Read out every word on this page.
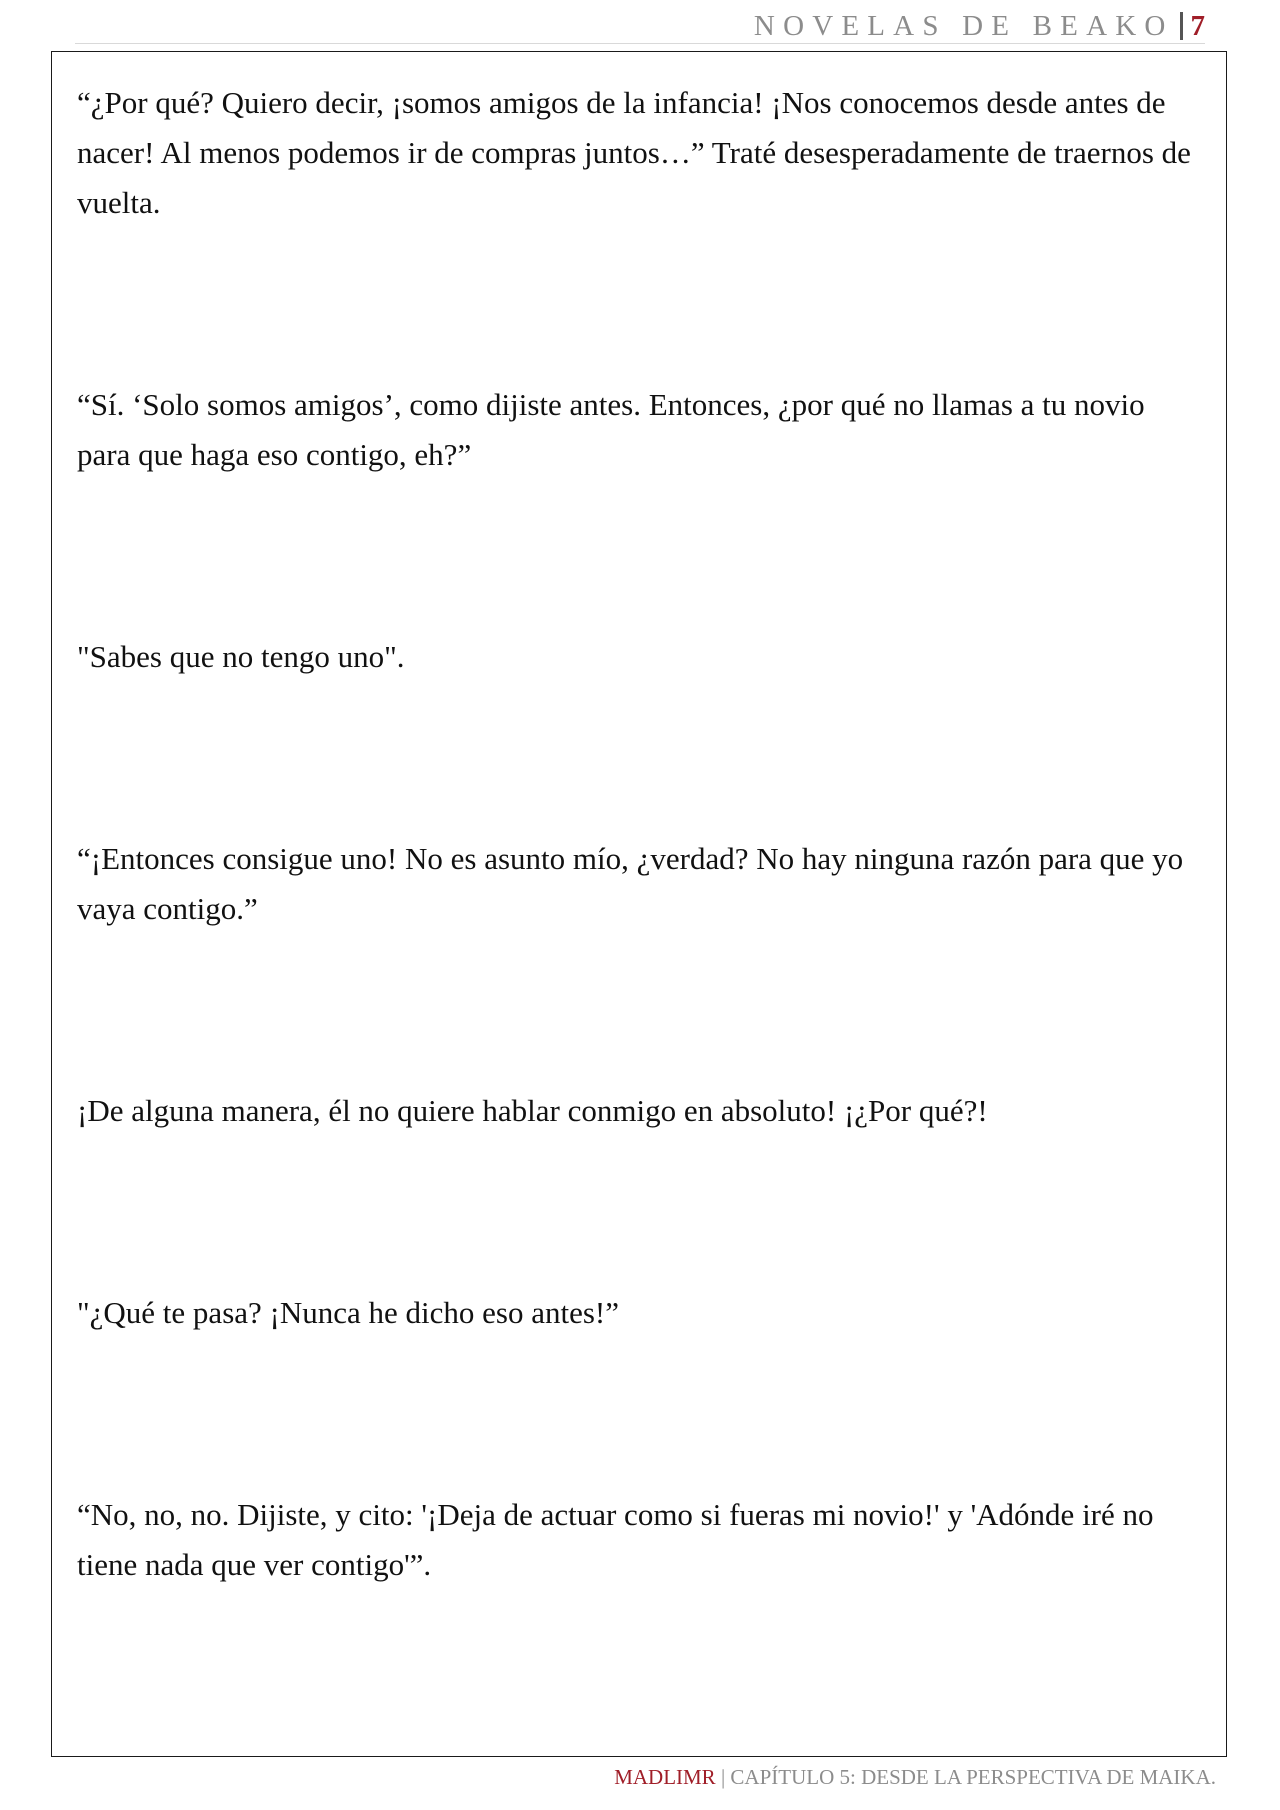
NOVELAS DE BEAKO 7

“¿Por qué? Quiero decir, ¡somos amigos de la infancia! ¡Nos conocemos desde antes de nacer! Al menos podemos ir de compras juntos…” Traté desesperadamente de traernos de vuelta.

“Sí. ‘Solo somos amigos’, como dijiste antes. Entonces, ¿por qué no llamas a tu novio para que haga eso contigo, eh?”

"Sabes que no tengo uno".

“¡Entonces consigue uno! No es asunto mío, ¿verdad? No hay ninguna razón para que yo vaya contigo.”

¡De alguna manera, él no quiere hablar conmigo en absoluto! ¡¿Por qué?!

"¿Qué te pasa? ¡Nunca he dicho eso antes!”

“No, no, no. Dijiste, y cito: '¡Deja de actuar como si fueras mi novio!' y 'Adónde iré no tiene nada que ver contigo'”.

MADLIMR | CAPÍTULO 5: DESDE LA PERSPECTIVA DE MAIKA.
